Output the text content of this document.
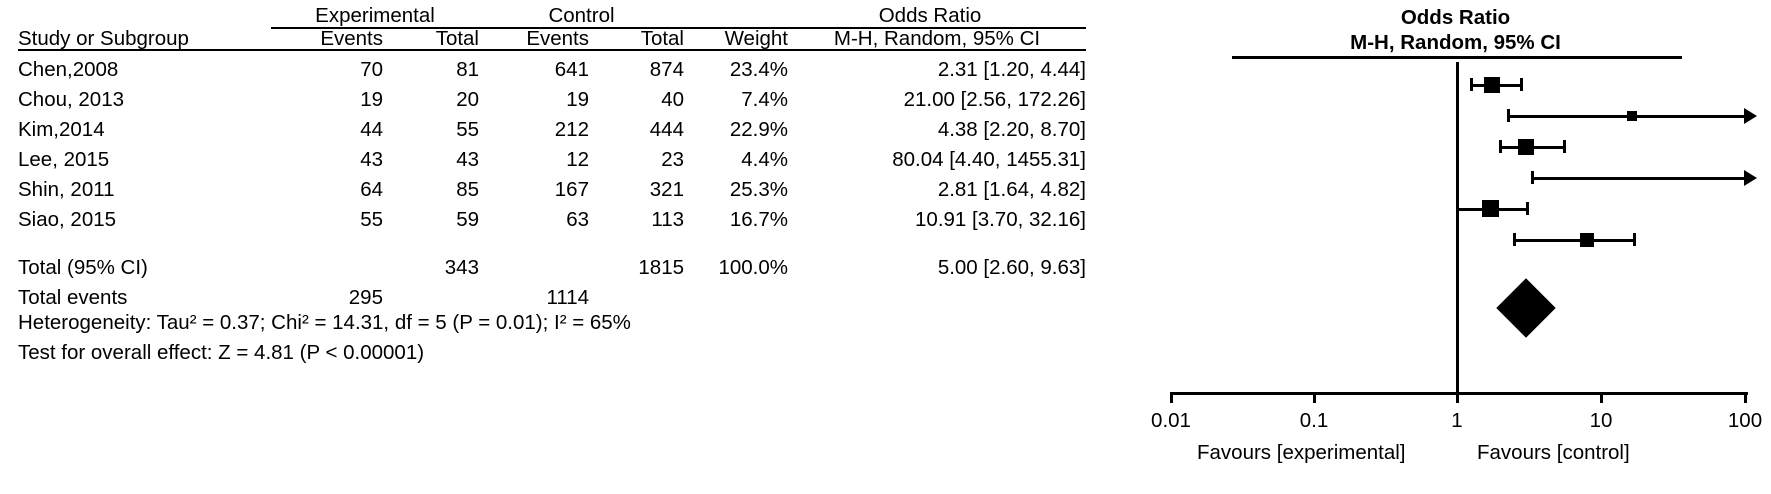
	Experimental		Control			Odds Ratio
Study or Subgroup	Events	Total	Events	Total	Weight	M-H, Random, 95% CI
Chen,2008	70	81	641	874	23.4%	2.31 [1.20, 4.44]
Chou, 2013	19	20	19	40	7.4%	21.00 [2.56, 172.26]
Kim,2014	44	55	212	444	22.9%	4.38 [2.20, 8.70]
Lee, 2015	43	43	12	23	4.4%	80.04 [4.40, 1455.31]
Shin, 2011	64	85	167	321	25.3%	2.81 [1.64, 4.82]
Siao, 2015	55	59	63	113	16.7%	10.91 [3.70, 32.16]

Total (95% CI)		343		1815	100.0%	5.00 [2.60, 9.63]
Total events	295		1114			
Heterogeneity: Tau² = 0.37; Chi² = 14.31, df = 5 (P = 0.01); I² = 65%
Test for overall effect: Z = 4.81 (P < 0.00001)
Odds Ratio
M-H, Random, 95% CI
0.01	0.1	1	10	100
Favours [experimental]	Favours [control]
